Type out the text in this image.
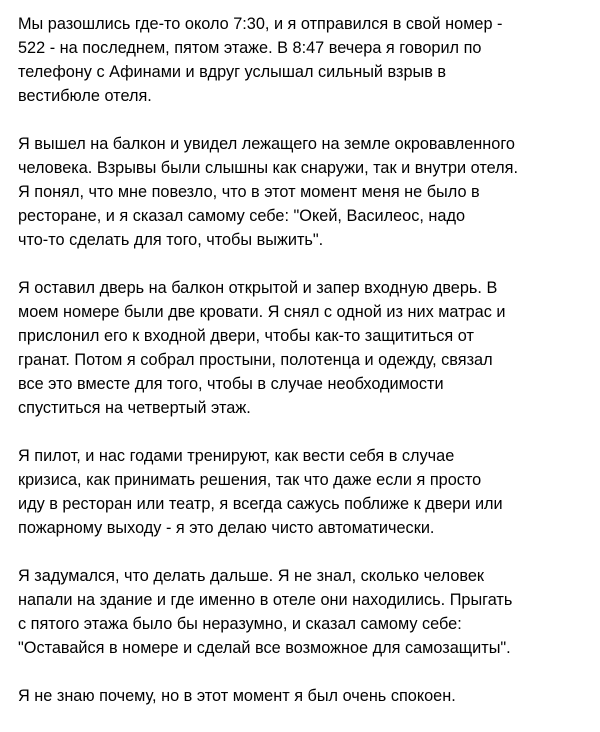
Мы разошлись где-то около 7:30, и я отправился в свой номер -
522 - на последнем, пятом этаже. В 8:47 вечера я говорил по
телефону с Афинами и вдруг услышал сильный взрыв в
вестибюле отеля.

Я вышел на балкон и увидел лежащего на земле окровавленного
человека. Взрывы были слышны как снаружи, так и внутри отеля.
Я понял, что мне повезло, что в этот момент меня не было в
ресторане, и я сказал самому себе: "Окей, Василеос, надо
что-то сделать для того, чтобы выжить".

Я оставил дверь на балкон открытой и запер входную дверь. В
моем номере были две кровати. Я снял с одной из них матрас и
прислонил его к входной двери, чтобы как-то защититься от
гранат. Потом я собрал простыни, полотенца и одежду, связал
все это вместе для того, чтобы в случае необходимости
спуститься на четвертый этаж.

Я пилот, и нас годами тренируют, как вести себя в случае
кризиса, как принимать решения, так что даже если я просто
иду в ресторан или театр, я всегда сажусь поближе к двери или
пожарному выходу - я это делаю чисто автоматически.

Я задумался, что делать дальше. Я не знал, сколько человек
напали на здание и где именно в отеле они находились. Прыгать
с пятого этажа было бы неразумно, и сказал самому себе:
"Оставайся в номере и сделай все возможное для самозащиты".

Я не знаю почему, но в этот момент я был очень спокоен.
